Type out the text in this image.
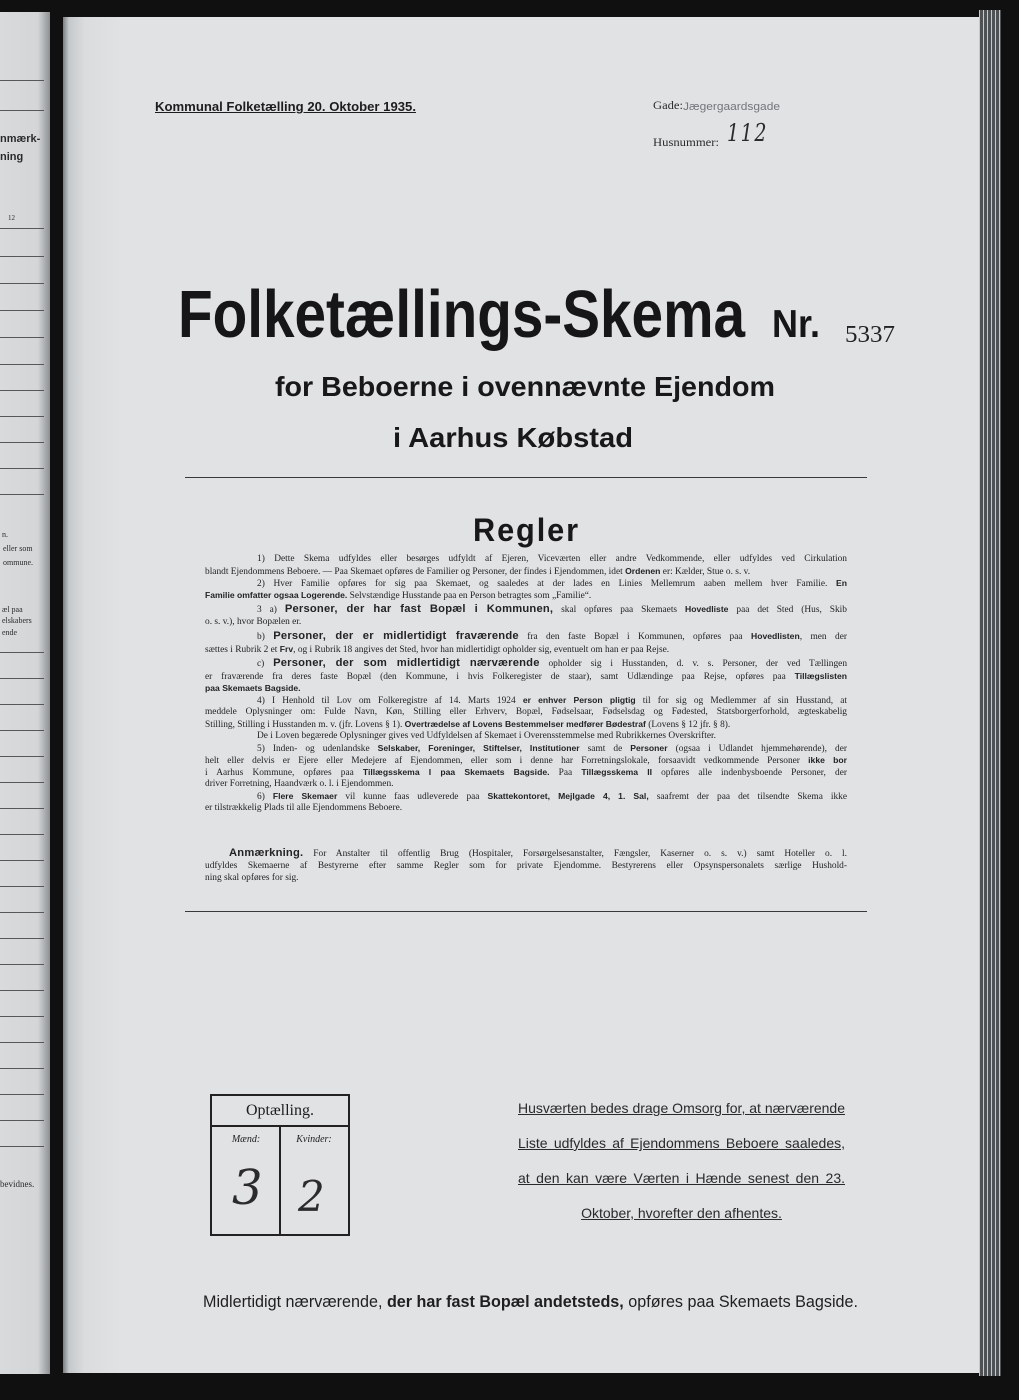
nmærk-
ning
12
n.
eller som
ommune.
æl paa
elskabers
ende
bevidnes.
Kommunal Folketælling 20. Oktober 1935.	Gade: Jægergaardsgade
Husnummer: 112
Folketællings-Skema Nr. 5337
for Beboerne i ovennævnte Ejendom
i Aarhus Købstad
Regler
1) Dette Skema udfyldes eller besørges udfyldt af Ejeren, Viceværten eller andre Vedkommende, eller udfyldes ved Cirkulation
blandt Ejendommens Beboere. — Paa Skemaet opføres de Familier og Personer, der findes i Ejendommen, idet Ordenen er: Kælder, Stue o. s. v.
2) Hver Familie opføres for sig paa Skemaet, og saaledes at der lades en Linies Mellemrum aaben mellem hver Familie. En
Familie omfatter ogsaa Logerende. Selvstændige Husstande paa en Person betragtes som „Familie“.
3 a) Personer, der har fast Bopæl i Kommunen, skal opføres paa Skemaets Hovedliste paa det Sted (Hus, Skib
o. s. v.), hvor Bopælen er.
b) Personer, der er midlertidigt fraværende fra den faste Bopæl i Kommunen, opføres paa Hovedlisten, men der
sættes i Rubrik 2 et Frv, og i Rubrik 18 angives det Sted, hvor han midlertidigt opholder sig, eventuelt om han er paa Rejse.
c) Personer, der som midlertidigt nærværende opholder sig i Husstanden, d. v. s. Personer, der ved Tællingen
er fraværende fra deres faste Bopæl (den Kommune, i hvis Folkeregister de staar), samt Udlændinge paa Rejse, opføres paa Tillægslisten
paa Skemaets Bagside.
4) I Henhold til Lov om Folkeregistre af 14. Marts 1924 er enhver Person pligtig til for sig og Medlemmer af sin Husstand, at
meddele Oplysninger om: Fulde Navn, Køn, Stilling eller Erhverv, Bopæl, Fødselsaar, Fødselsdag og Fødested, Statsborgerforhold, ægteskabelig
Stilling, Stilling i Husstanden m. v. (jfr. Lovens § 1). Overtrædelse af Lovens Bestemmelser medfører Bødestraf (Lovens § 12 jfr. § 8).
De i Loven begærede Oplysninger gives ved Udfyldelsen af Skemaet i Overensstemmelse med Rubrikkernes Overskrifter.
5) Inden- og udenlandske Selskaber, Foreninger, Stiftelser, Institutioner samt de Personer (ogsaa i Udlandet hjemmehørende), der
helt eller delvis er Ejere eller Medejere af Ejendommen, eller som i denne har Forretningslokale, forsaavidt vedkommende Personer ikke bor
i Aarhus Kommune, opføres paa Tillægsskema I paa Skemaets Bagside. Paa Tillægsskema II opføres alle indenbysboende Personer, der
driver Forretning, Haandværk o. l. i Ejendommen.
6) Flere Skemaer vil kunne faas udleverede paa Skattekontoret, Mejlgade 4, 1. Sal, saafremt der paa det tilsendte Skema ikke
er tilstrækkelig Plads til alle Ejendommens Beboere.
Anmærkning. For Anstalter til offentlig Brug (Hospitaler, Forsørgelsesanstalter, Fængsler, Kaserner o. s. v.) samt Hoteller o. l.
udfyldes Skemaerne af Bestyrerne efter samme Regler som for private Ejendomme. Bestyrerens eller Opsynspersonalets særlige Hushold-
ning skal opføres for sig.
Optælling.
Mænd:	Kvinder:
3 2
Husværten bedes drage Omsorg for, at nærværende
Liste udfyldes af Ejendommens Beboere saaledes,
at den kan være Værten i Hænde senest den 23.
Oktober, hvorefter den afhentes.
Midlertidigt nærværende, der har fast Bopæl andetsteds, opføres paa Skemaets Bagside.
